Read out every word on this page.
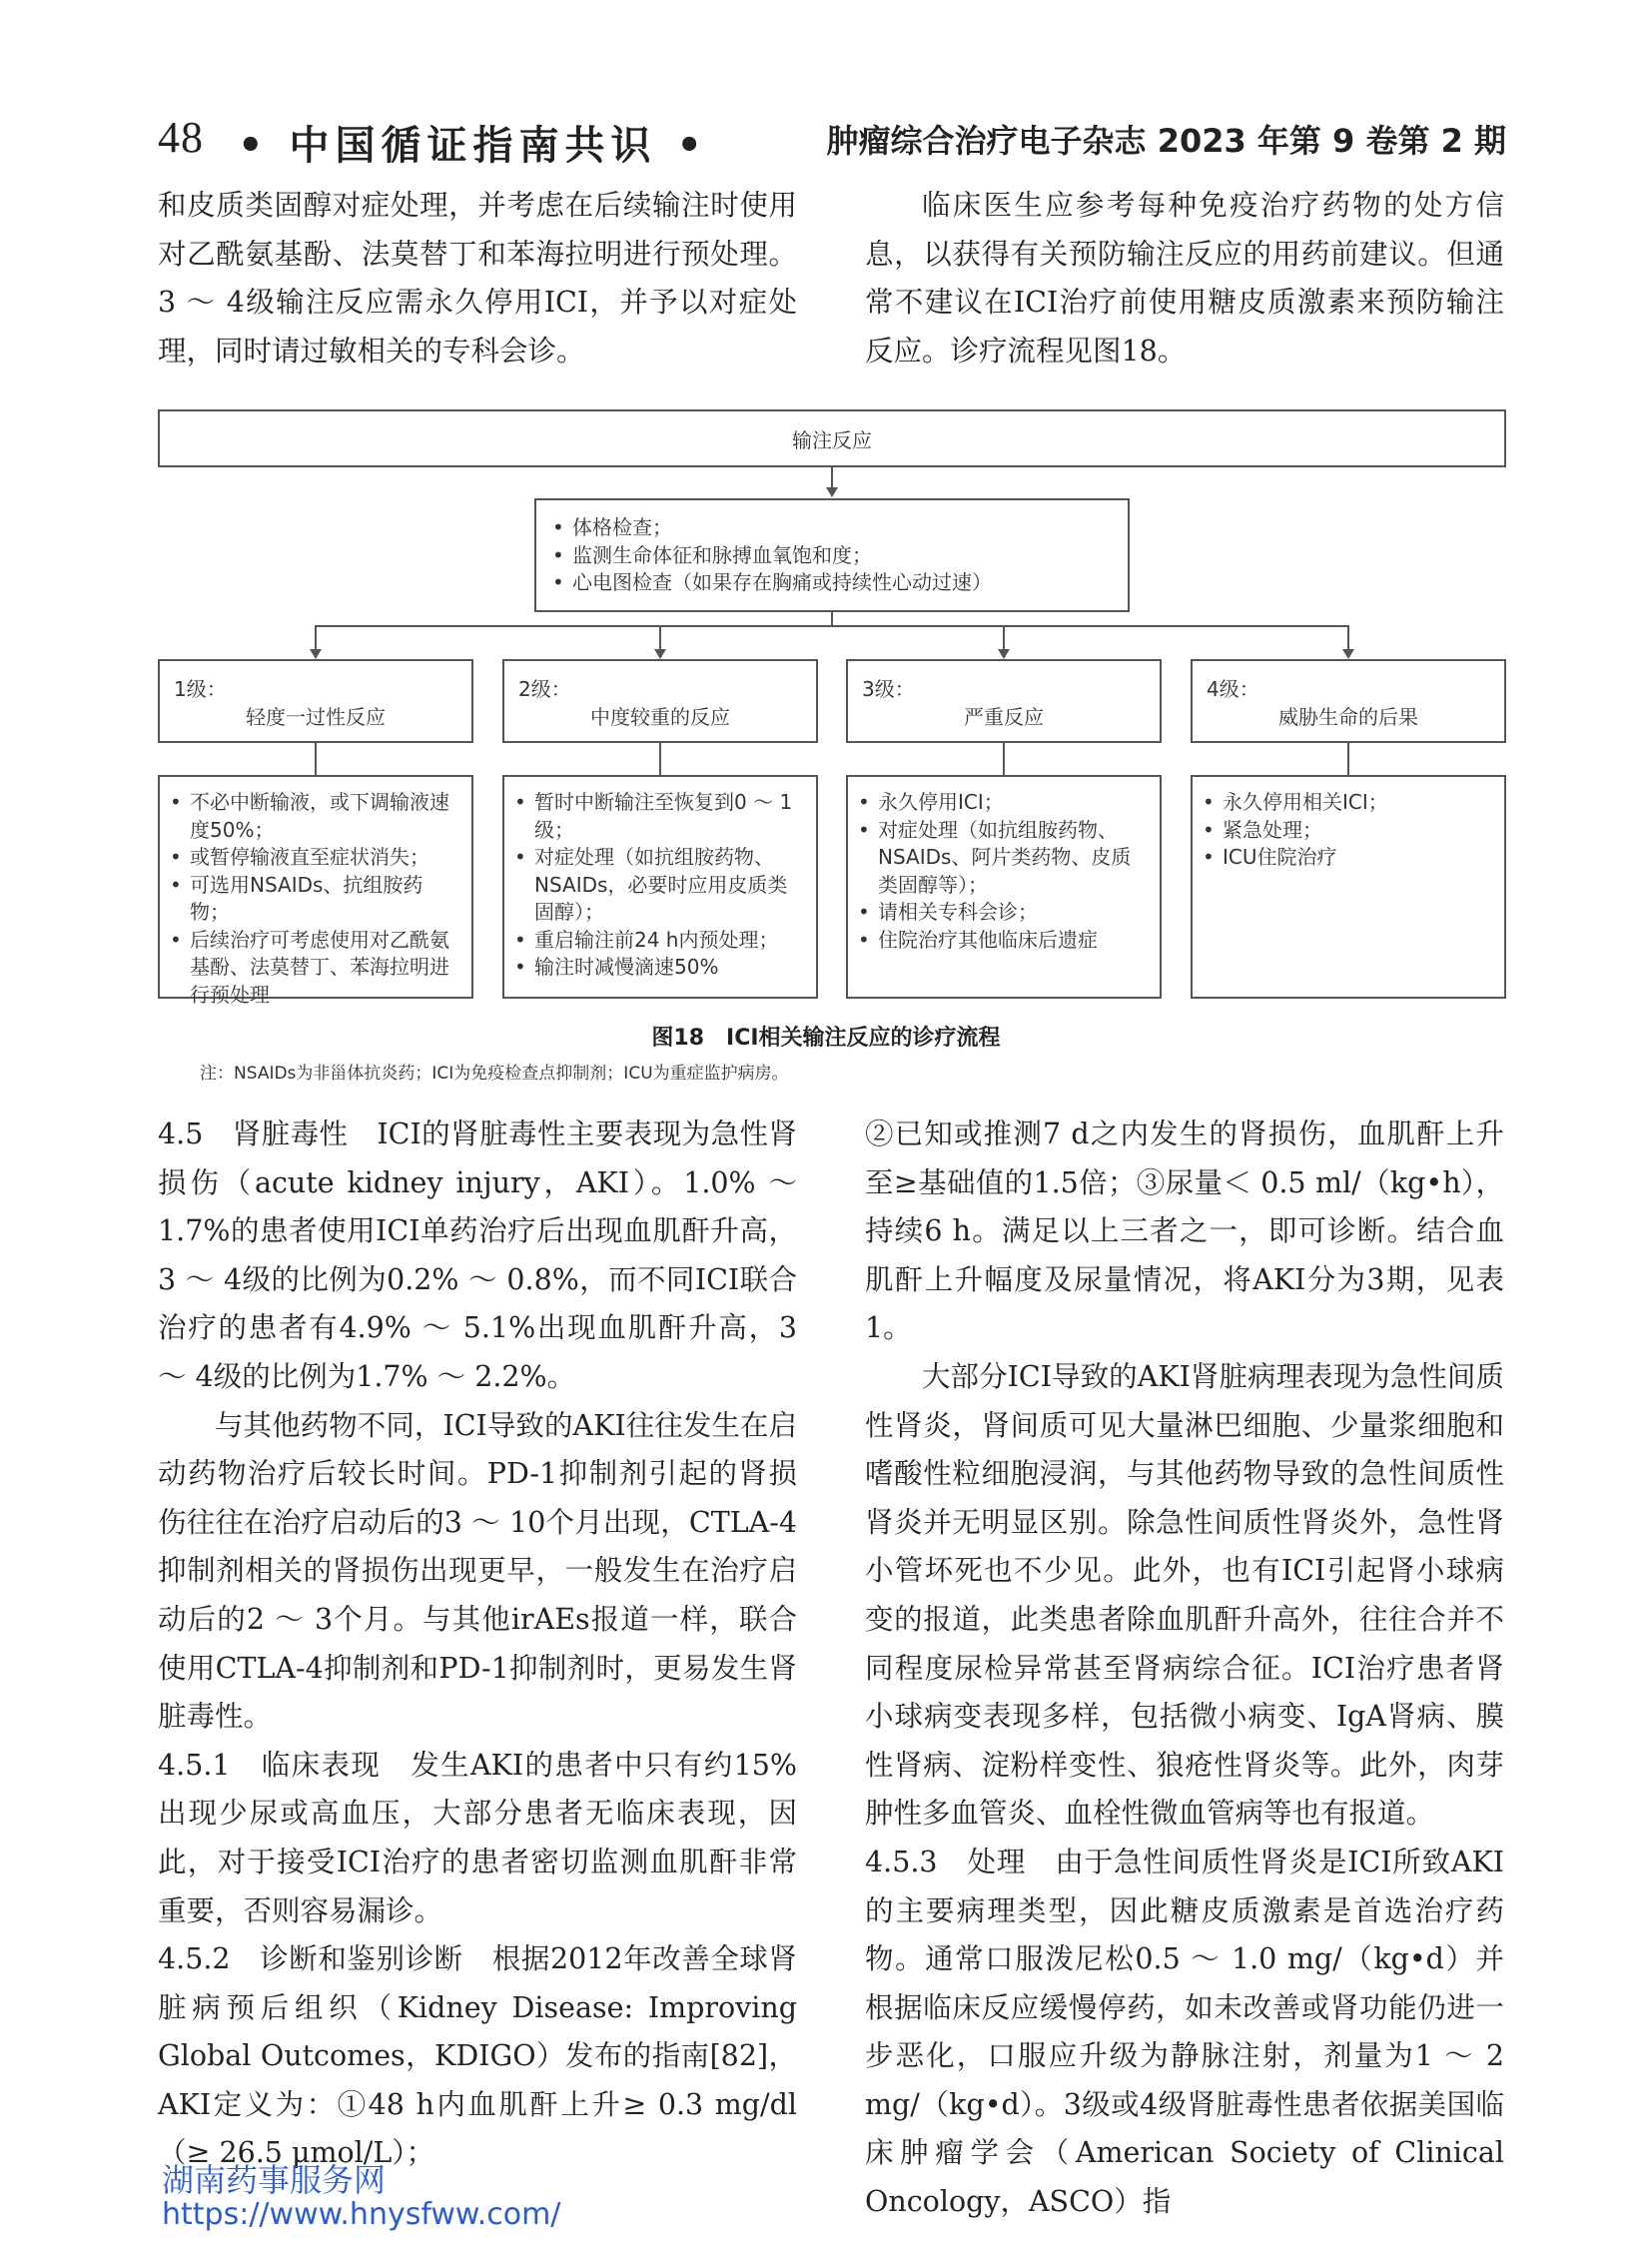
48 • 中国循证指南共识 •	肿瘤综合治疗电子杂志 2023 年第 9 卷第 2 期

和皮质类固醇对症处理，并考虑在后续输注时使用对乙酰氨基酚、法莫替丁和苯海拉明进行预处理。3 ～ 4级输注反应需永久停用ICI，并予以对症处理，同时请过敏相关的专科会诊。

临床医生应参考每种免疫治疗药物的处方信息，以获得有关预防输注反应的用药前建议。但通常不建议在ICI治疗前使用糖皮质激素来预防输注反应。诊疗流程见图18。

输注反应
• 体格检查；
• 监测生命体征和脉搏血氧饱和度；
• 心电图检查（如果存在胸痛或持续性心动过速）
1级：
轻度一过性反应
2级：
中度较重的反应
3级：
严重反应
4级：
威胁生命的后果
• 不必中断输液，或下调输液速度50%；
• 或暂停输液直至症状消失；
• 可选用NSAIDs、抗组胺药物；
• 后续治疗可考虑使用对乙酰氨基酚、法莫替丁、苯海拉明进行预处理
• 暂时中断输注至恢复到0 ～ 1级；
• 对症处理（如抗组胺药物、NSAIDs，必要时应用皮质类固醇）；
• 重启输注前24 h内预处理；
• 输注时减慢滴速50%
• 永久停用ICI；
• 对症处理（如抗组胺药物、NSAIDs、阿片类药物、皮质类固醇等）；
• 请相关专科会诊；
• 住院治疗其他临床后遗症
• 永久停用相关ICI；
• 紧急处理；
• ICU住院治疗
图18　ICI相关输注反应的诊疗流程
注：NSAIDs为非甾体抗炎药；ICI为免疫检查点抑制剂；ICU为重症监护病房。

4.5　肾脏毒性　ICI的肾脏毒性主要表现为急性肾损伤（acute kidney injury，AKI）。1.0% ～ 1.7%的患者使用ICI单药治疗后出现血肌酐升高，3 ～ 4级的比例为0.2% ～ 0.8%，而不同ICI联合治疗的患者有4.9% ～ 5.1%出现血肌酐升高，3 ～ 4级的比例为1.7% ～ 2.2%。

与其他药物不同，ICI导致的AKI往往发生在启动药物治疗后较长时间。PD-1抑制剂引起的肾损伤往往在治疗启动后的3 ～ 10个月出现，CTLA-4抑制剂相关的肾损伤出现更早，一般发生在治疗启动后的2 ～ 3个月。与其他irAEs报道一样，联合使用CTLA-4抑制剂和PD-1抑制剂时，更易发生肾脏毒性。

4.5.1　临床表现　发生AKI的患者中只有约15%出现少尿或高血压，大部分患者无临床表现，因此，对于接受ICI治疗的患者密切监测血肌酐非常重要，否则容易漏诊。

4.5.2　诊断和鉴别诊断　根据2012年改善全球肾脏病预后组织（Kidney Disease: Improving Global Outcomes，KDIGO）发布的指南[82]，AKI定义为：①48 h内血肌酐上升≥ 0.3 mg/dl（≥ 26.5 μmol/L）；

②已知或推测7 d之内发生的肾损伤，血肌酐上升至≥基础值的1.5倍；③尿量＜ 0.5 ml/（kg•h），持续6 h。满足以上三者之一，即可诊断。结合血肌酐上升幅度及尿量情况，将AKI分为3期，见表1。

大部分ICI导致的AKI肾脏病理表现为急性间质性肾炎，肾间质可见大量淋巴细胞、少量浆细胞和嗜酸性粒细胞浸润，与其他药物导致的急性间质性肾炎并无明显区别。除急性间质性肾炎外，急性肾小管坏死也不少见。此外，也有ICI引起肾小球病变的报道，此类患者除血肌酐升高外，往往合并不同程度尿检异常甚至肾病综合征。ICI治疗患者肾小球病变表现多样，包括微小病变、IgA肾病、膜性肾病、淀粉样变性、狼疮性肾炎等。此外，肉芽肿性多血管炎、血栓性微血管病等也有报道。

4.5.3　处理　由于急性间质性肾炎是ICI所致AKI的主要病理类型，因此糖皮质激素是首选治疗药物。通常口服泼尼松0.5 ～ 1.0 mg/（kg•d）并根据临床反应缓慢停药，如未改善或肾功能仍进一步恶化，口服应升级为静脉注射，剂量为1 ～ 2 mg/（kg•d）。3级或4级肾脏毒性患者依据美国临床肿瘤学会（American Society of Clinical Oncology，ASCO）指

湖南药事服务网
https://www.hnysfww.com/
